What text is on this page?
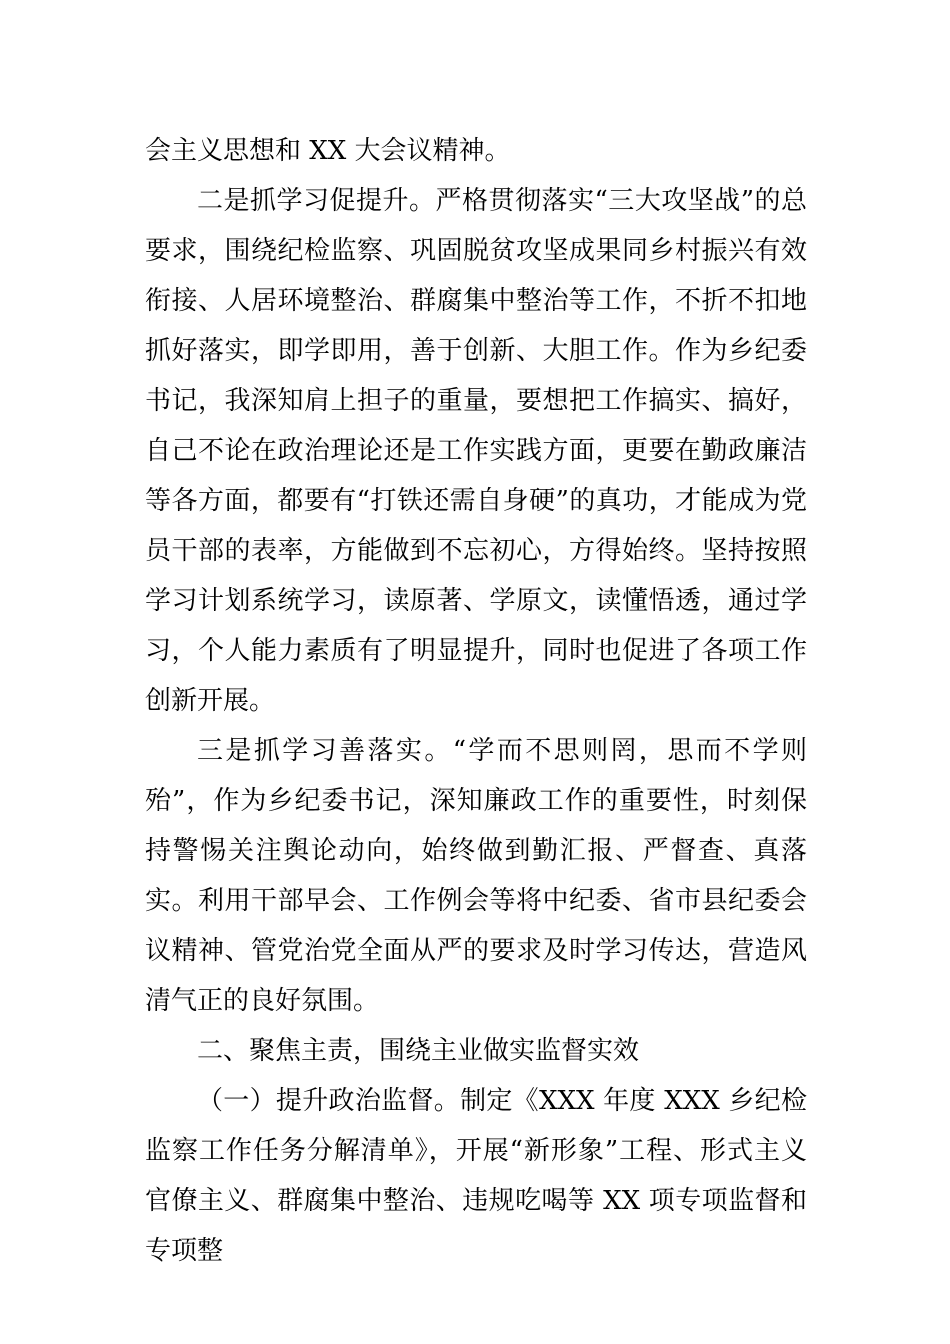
会主义思想和 XX 大会议精神。

二是抓学习促提升。严格贯彻落实“三大攻坚战”的总要求，围绕纪检监察、巩固脱贫攻坚成果同乡村振兴有效衔接、人居环境整治、群腐集中整治等工作，不折不扣地抓好落实，即学即用，善于创新、大胆工作。作为乡纪委书记，我深知肩上担子的重量，要想把工作搞实、搞好，自己不论在政治理论还是工作实践方面，更要在勤政廉洁等各方面，都要有“打铁还需自身硬”的真功，才能成为党员干部的表率，方能做到不忘初心，方得始终。坚持按照学习计划系统学习，读原著、学原文，读懂悟透，通过学习，个人能力素质有了明显提升，同时也促进了各项工作创新开展。

三是抓学习善落实。“学而不思则罔，思而不学则殆”，作为乡纪委书记，深知廉政工作的重要性，时刻保持警惕关注舆论动向，始终做到勤汇报、严督查、真落实。利用干部早会、工作例会等将中纪委、省市县纪委会议精神、管党治党全面从严的要求及时学习传达，营造风清气正的良好氛围。

二、聚焦主责，围绕主业做实监督实效

（一）提升政治监督。制定《XXX 年度 XXX 乡纪检监察工作任务分解清单》，开展“新形象”工程、形式主义官僚主义、群腐集中整治、违规吃喝等 XX 项专项监督和专项整
